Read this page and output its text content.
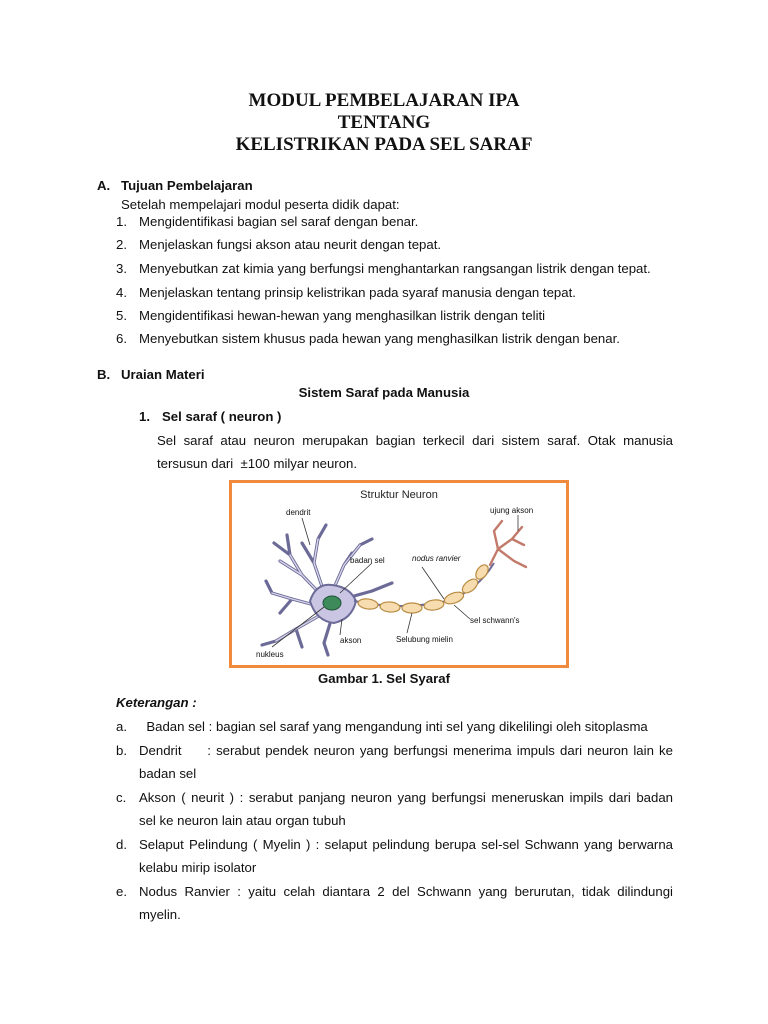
MODUL PEMBELAJARAN IPA
TENTANG
KELISTRIKAN PADA SEL SARAF
A. Tujuan Pembelajaran
Setelah mempelajari modul peserta didik dapat:
1. Mengidentifikasi bagian sel saraf dengan benar.
2. Menjelaskan fungsi akson atau neurit dengan tepat.
3. Menyebutkan zat kimia yang berfungsi menghantarkan rangsangan listrik dengan tepat.
4. Menjelaskan tentang prinsip kelistrikan pada syaraf manusia dengan tepat.
5. Mengidentifikasi hewan-hewan yang menghasilkan listrik dengan teliti
6. Menyebutkan sistem khusus pada hewan yang menghasilkan listrik dengan benar.
B. Uraian Materi
Sistem Saraf pada Manusia
1. Sel saraf ( neuron )
Sel saraf atau neuron merupakan bagian terkecil dari sistem saraf. Otak manusia
tersusun dari  ±100 milyar neuron.
Struktur Neuron
dendrit	ujung akson
badan sel	nodus ranvier
sel schwann's
akson	Selubung mielin
nukleus
Gambar 1. Sel Syaraf
Keterangan :
a. Badan sel : bagian sel saraf yang mengandung inti sel yang dikelilingi oleh sitoplasma
b. Dendrit     : serabut pendek neuron yang berfungsi menerima impuls dari neuron lain ke
badan sel
c. Akson ( neurit ) : serabut panjang neuron yang berfungsi meneruskan impils dari badan
sel ke neuron lain atau organ tubuh
d. Selaput Pelindung ( Myelin ) : selaput pelindung berupa sel-sel Schwann yang berwarna
kelabu mirip isolator
e. Nodus Ranvier : yaitu celah diantara 2 del Schwann yang berurutan, tidak dilindungi
myelin.
